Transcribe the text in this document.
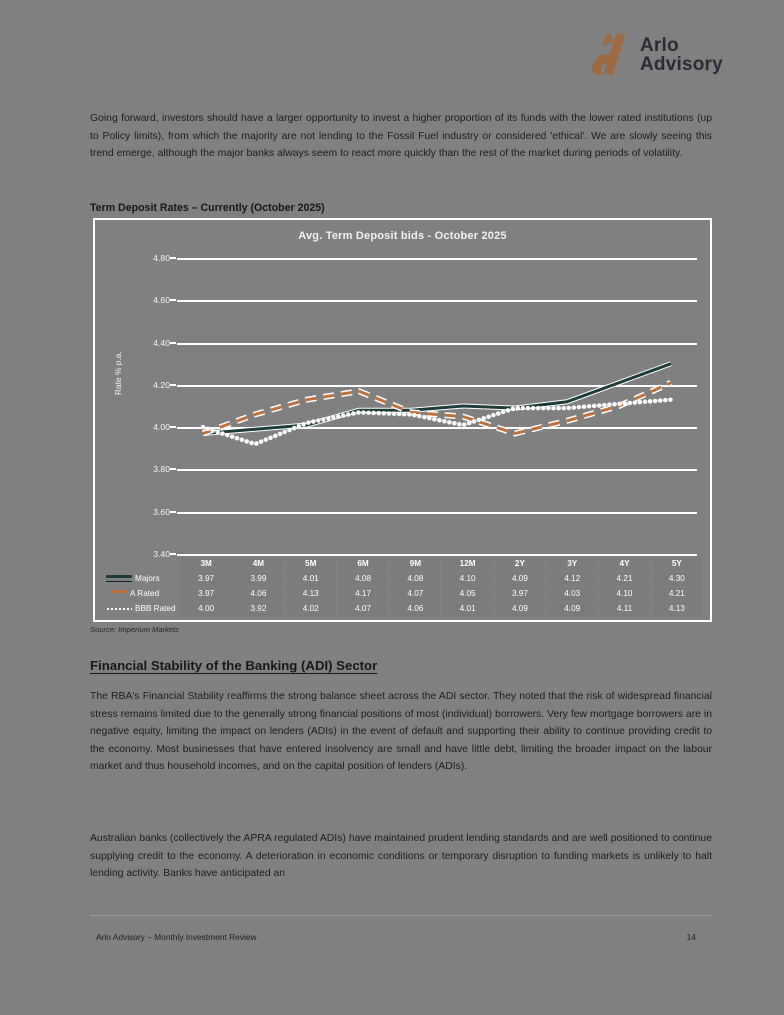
Arlo
Advisory

Going forward, investors should have a larger opportunity to invest a higher proportion of its funds with the lower rated institutions (up to Policy limits), from which the majority are not lending to the Fossil Fuel industry or considered 'ethical'. We are slowly seeing this trend emerge, although the major banks always seem to react more quickly than the rest of the market during periods of volatility.

Term Deposit Rates – Currently (October 2025)
Avg. Term Deposit bids - October 2025
Rate % p.a.
4.80
4.60
4.40
4.20
4.00
3.80
3.60
3.40
	3M	4M	5M	6M	9M	12M	2Y	3Y	4Y	5Y

Majors	3.97	3.99	4.01	4.08	4.08	4.10	4.09	4.12	4.21	4.30

A Rated	3.97	4.06	4.13	4.17	4.07	4.05	3.97	4.03	4.10	4.21

BBB Rated	4.00	3.92	4.02	4.07	4.06	4.01	4.09	4.09	4.11	4.13
Source: Imperium Markets
Financial Stability of the Banking (ADI) Sector

The RBA's Financial Stability reaffirms the strong balance sheet across the ADI sector. They noted that the risk of widespread financial stress remains limited due to the generally strong financial positions of most (individual) borrowers. Very few mortgage borrowers are in negative equity, limiting the impact on lenders (ADIs) in the event of default and supporting their ability to continue providing credit to the economy. Most businesses that have entered insolvency are small and have little debt, limiting the broader impact on the labour market and thus household incomes, and on the capital position of lenders (ADIs).

Australian banks (collectively the APRA regulated ADIs) have maintained prudent lending standards and are well positioned to continue supplying credit to the economy. A deterioration in economic conditions or temporary disruption to funding markets is unlikely to halt lending activity. Banks have anticipated an

Arlo Advisory – Monthly Investment Review	14
